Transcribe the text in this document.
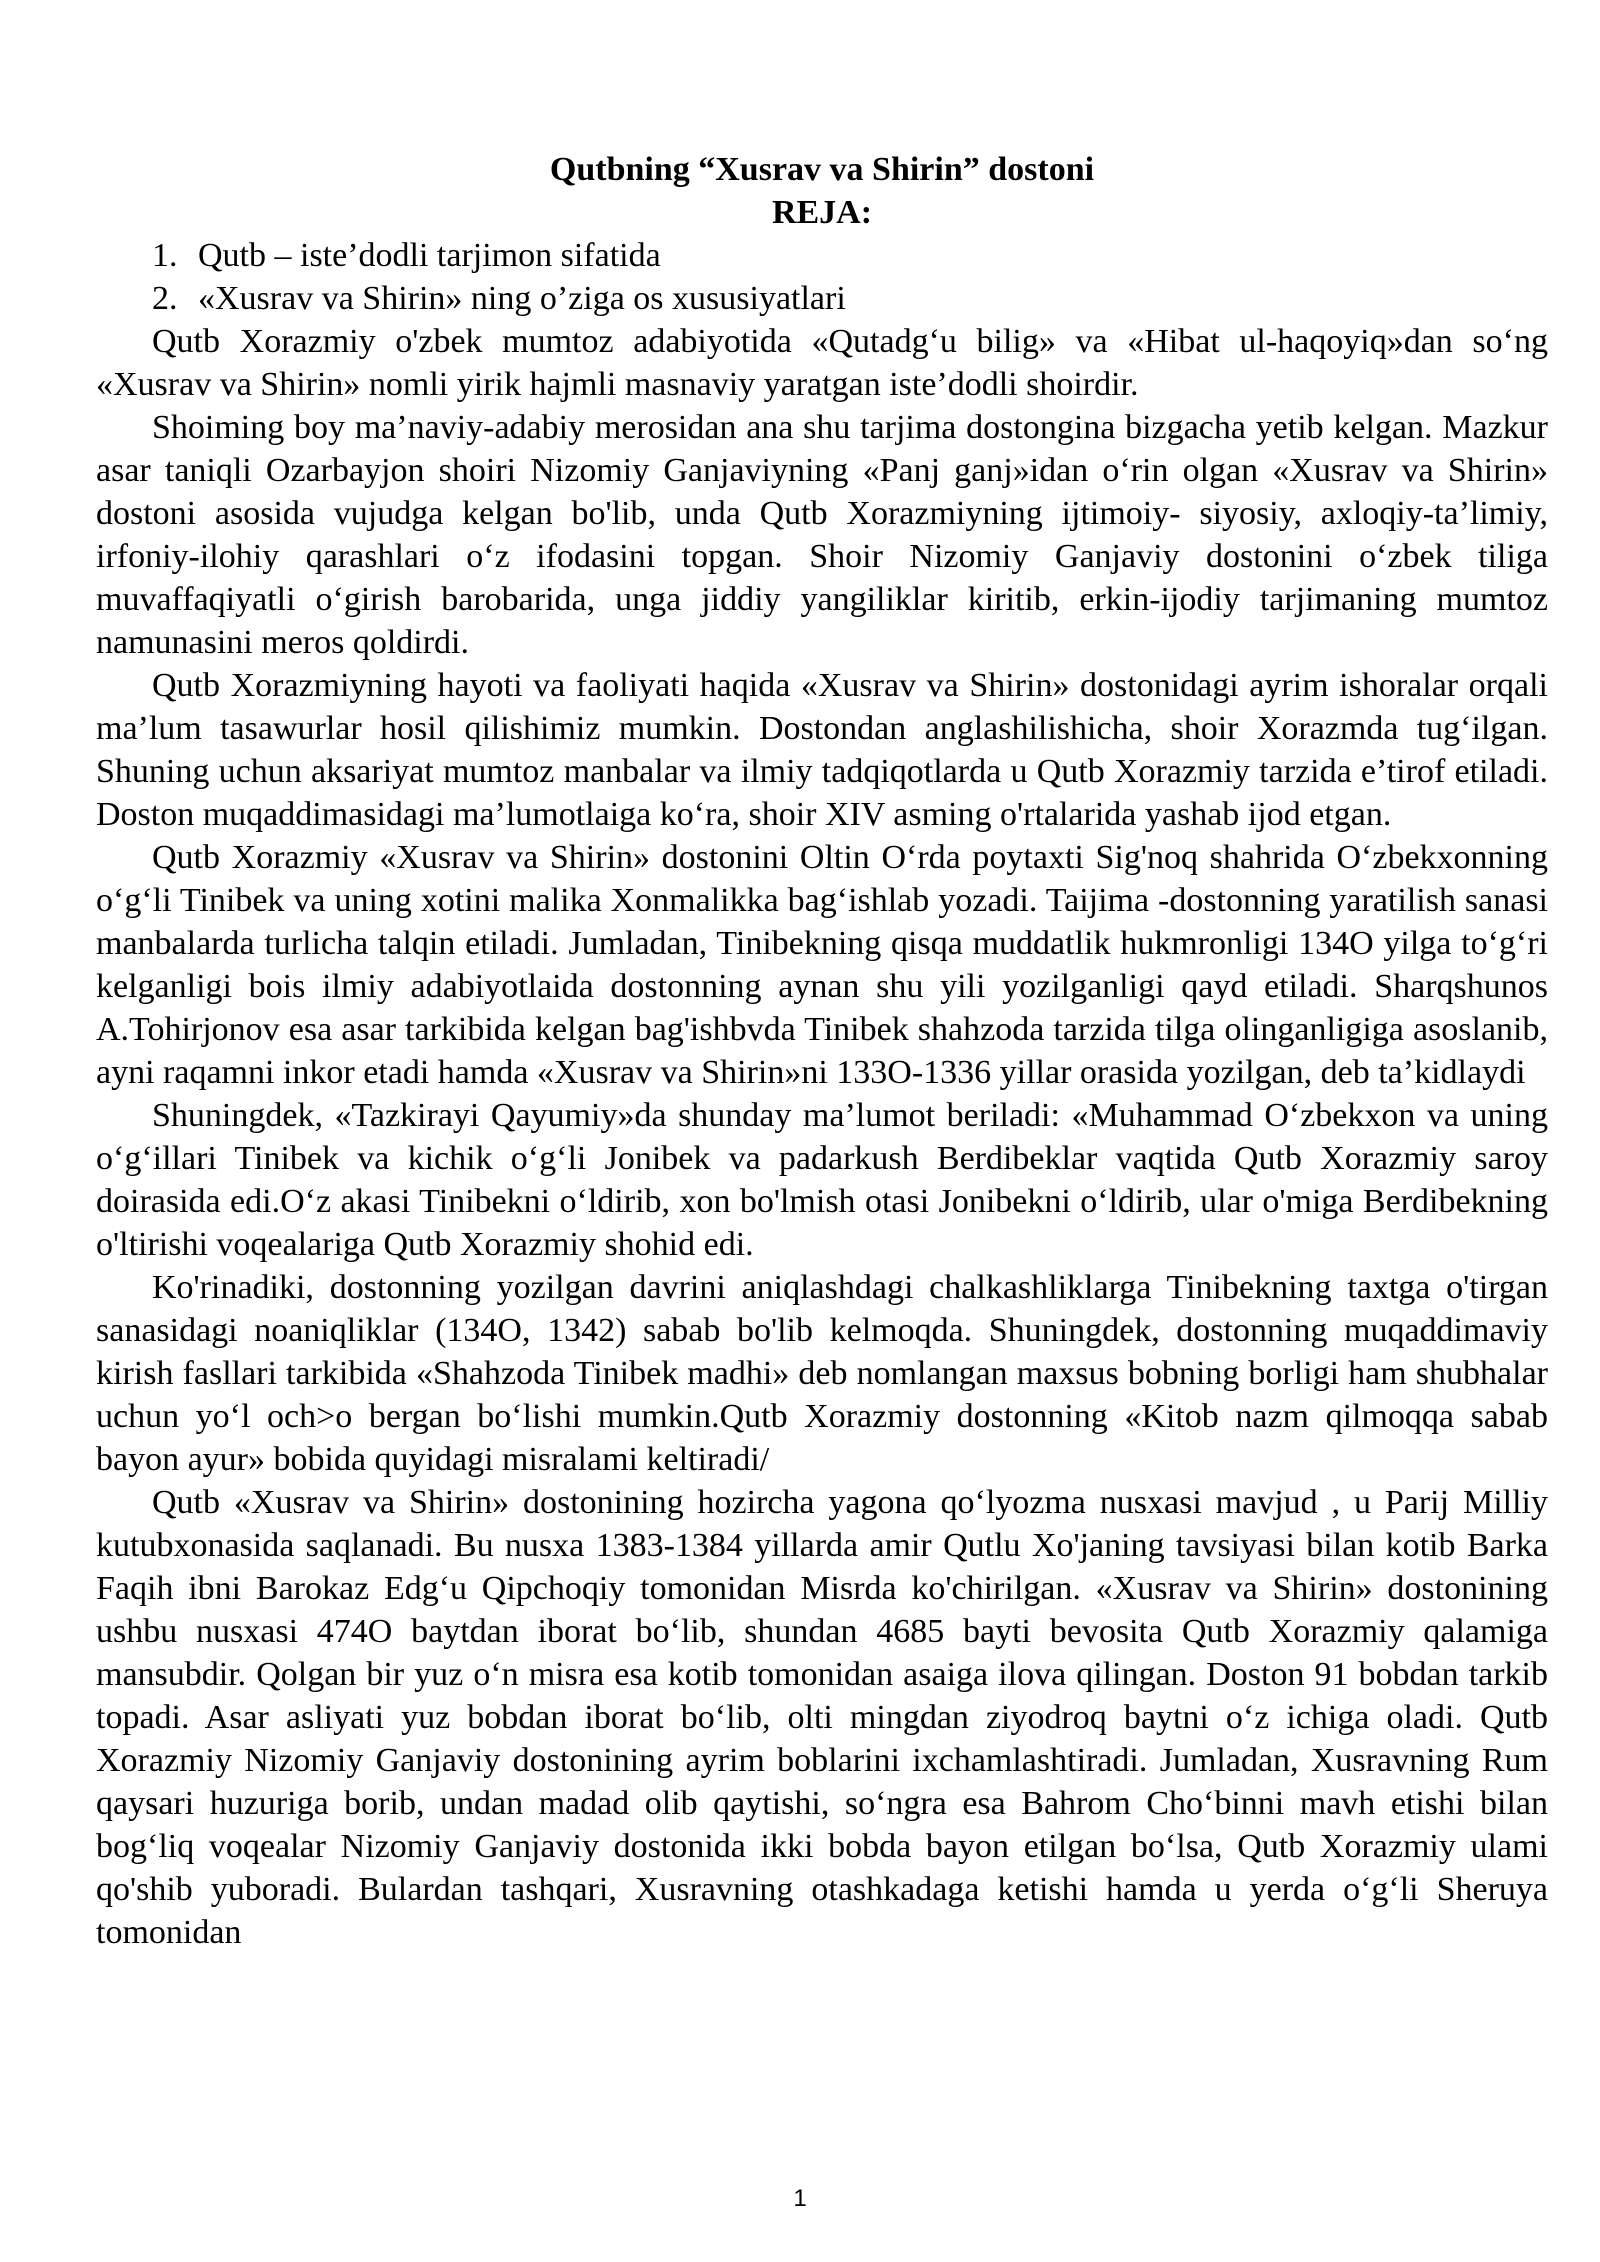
Qutbning “Xusrav va Shirin” dostoni
REJA:
1. Qutb – iste’dodli tarjimon sifatida
2. «Xusrav va Shirin» ning o’ziga os xususiyatlari

Qutb Xorazmiy o'zbek mumtoz adabiyotida «Qutadg‘u bilig» va «Hibat ul-haqoyiq»dan so‘ng «Xusrav va Shirin» nomli yirik hajmli masnaviy yaratgan iste’dodli shoirdir.

Shoiming boy ma’naviy-adabiy merosidan ana shu tarjima dostongina bizgacha yetib kelgan. Mazkur asar taniqli Ozarbayjon shoiri Nizomiy Ganjaviyning «Panj ganj»idan o‘rin olgan «Xusrav va Shirin» dostoni asosida vujudga kelgan bo'lib, unda Qutb Xorazmiyning ijtimoiy- siyosiy, axloqiy-ta’limiy, irfoniy-ilohiy qarashlari o‘z ifodasini topgan. Shoir Nizomiy Ganjaviy dostonini o‘zbek tiliga muvaffaqiyatli o‘girish barobarida, unga jiddiy yangiliklar kiritib, erkin-ijodiy tarjimaning mumtoz namunasini meros qoldirdi.

Qutb Xorazmiyning hayoti va faoliyati haqida «Xusrav va Shirin» dostonidagi ayrim ishoralar orqali ma’lum tasawurlar hosil qilishimiz mumkin. Dostondan anglashilishicha, shoir Xorazmda tug‘ilgan. Shuning uchun aksariyat mumtoz manbalar va ilmiy tadqiqotlarda u Qutb Xorazmiy tarzida e’tirof etiladi. Doston muqaddimasidagi ma’lumotlaiga ko‘ra, shoir XIV asming o'rtalarida yashab ijod etgan.

Qutb Xorazmiy «Xusrav va Shirin» dostonini Oltin O‘rda poytaxti Sig'noq shahrida O‘zbekxonning o‘g‘li Tinibek va uning xotini malika Xonmalikka bag‘ishlab yozadi. Taijima -dostonning yaratilish sanasi manbalarda turlicha talqin etiladi. Jumladan, Tinibekning qisqa muddatlik hukmronligi 134O yilga to‘g‘ri kelganligi bois ilmiy adabiyotlaida dostonning aynan shu yili yozilganligi qayd etiladi. Sharqshunos A.Tohirjonov esa asar tarkibida kelgan bag'ishbvda Tinibek shahzoda tarzida tilga olinganligiga asoslanib, ayni raqamni inkor etadi hamda «Xusrav va Shirin»ni 133O-1336 yillar orasida yozilgan, deb ta’kidlaydi

Shuningdek, «Tazkirayi Qayumiy»da shunday ma’lumot beriladi: «Muhammad O‘zbekxon va uning o‘g‘illari Tinibek va kichik o‘g‘li Jonibek va padarkush Berdibeklar vaqtida Qutb Xorazmiy saroy doirasida edi.O‘z akasi Tinibekni o‘ldirib, xon bo'lmish otasi Jonibekni o‘ldirib, ular o'miga Berdibekning o'ltirishi voqealariga Qutb Xorazmiy shohid edi.

Ko'rinadiki, dostonning yozilgan davrini aniqlashdagi chalkashliklarga Tinibekning taxtga o'tirgan sanasidagi noaniqliklar (134O, 1342) sabab bo'lib kelmoqda. Shuningdek, dostonning muqaddimaviy kirish fasllari tarkibida «Shahzoda Tinibek madhi» deb nomlangan maxsus bobning borligi ham shubhalar uchun yo‘l och>o bergan bo‘lishi mumkin.Qutb Xorazmiy dostonning «Kitob nazm qilmoqqa sabab bayon ayur» bobida quyidagi misralami keltiradi/

Qutb «Xusrav va Shirin» dostonining hozircha yagona qo‘lyozma nusxasi mavjud , u Parij Milliy kutubxonasida saqlanadi. Bu nusxa 1383-1384 yillarda amir Qutlu Xo'janing tavsiyasi bilan kotib Barka Faqih ibni Barokaz Edg‘u Qipchoqiy tomonidan Misrda ko'chirilgan. «Xusrav va Shirin» dostonining ushbu nusxasi 474O baytdan iborat bo‘lib, shundan 4685 bayti bevosita Qutb Xorazmiy qalamiga mansubdir. Qolgan bir yuz o‘n misra esa kotib tomonidan asaiga ilova qilingan. Doston 91 bobdan tarkib topadi. Asar asliyati yuz bobdan iborat bo‘lib, olti mingdan ziyodroq baytni o‘z ichiga oladi. Qutb Xorazmiy Nizomiy Ganjaviy dostonining ayrim boblarini ixchamlashtiradi. Jumladan, Xusravning Rum qaysari huzuriga borib, undan madad olib qaytishi, so‘ngra esa Bahrom Cho‘binni mavh etishi bilan bog‘liq voqealar Nizomiy Ganjaviy dostonida ikki bobda bayon etilgan bo‘lsa, Qutb Xorazmiy ulami qo'shib yuboradi. Bulardan tashqari, Xusravning otashkadaga ketishi hamda u yerda o‘g‘li Sheruya tomonidan

1
